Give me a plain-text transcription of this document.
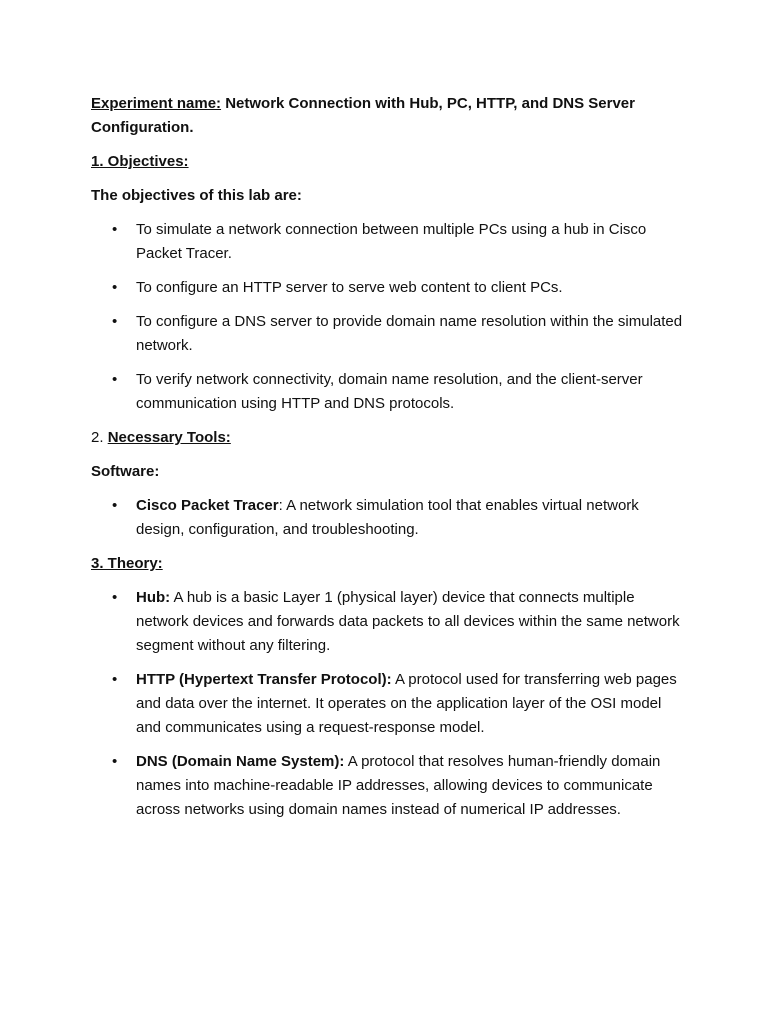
Experiment name: Network Connection with Hub, PC, HTTP, and DNS Server Configuration.

1. Objectives:

The objectives of this lab are:

• To simulate a network connection between multiple PCs using a hub in Cisco Packet Tracer.
• To configure an HTTP server to serve web content to client PCs.
• To configure a DNS server to provide domain name resolution within the simulated network.
• To verify network connectivity, domain name resolution, and the client-server communication using HTTP and DNS protocols.

2. Necessary Tools:

Software:

• Cisco Packet Tracer: A network simulation tool that enables virtual network design, configuration, and troubleshooting.

3. Theory:

• Hub: A hub is a basic Layer 1 (physical layer) device that connects multiple network devices and forwards data packets to all devices within the same network segment without any filtering.
• HTTP (Hypertext Transfer Protocol): A protocol used for transferring web pages and data over the internet. It operates on the application layer of the OSI model and communicates using a request-response model.
• DNS (Domain Name System): A protocol that resolves human-friendly domain names into machine-readable IP addresses, allowing devices to communicate across networks using domain names instead of numerical IP addresses.
